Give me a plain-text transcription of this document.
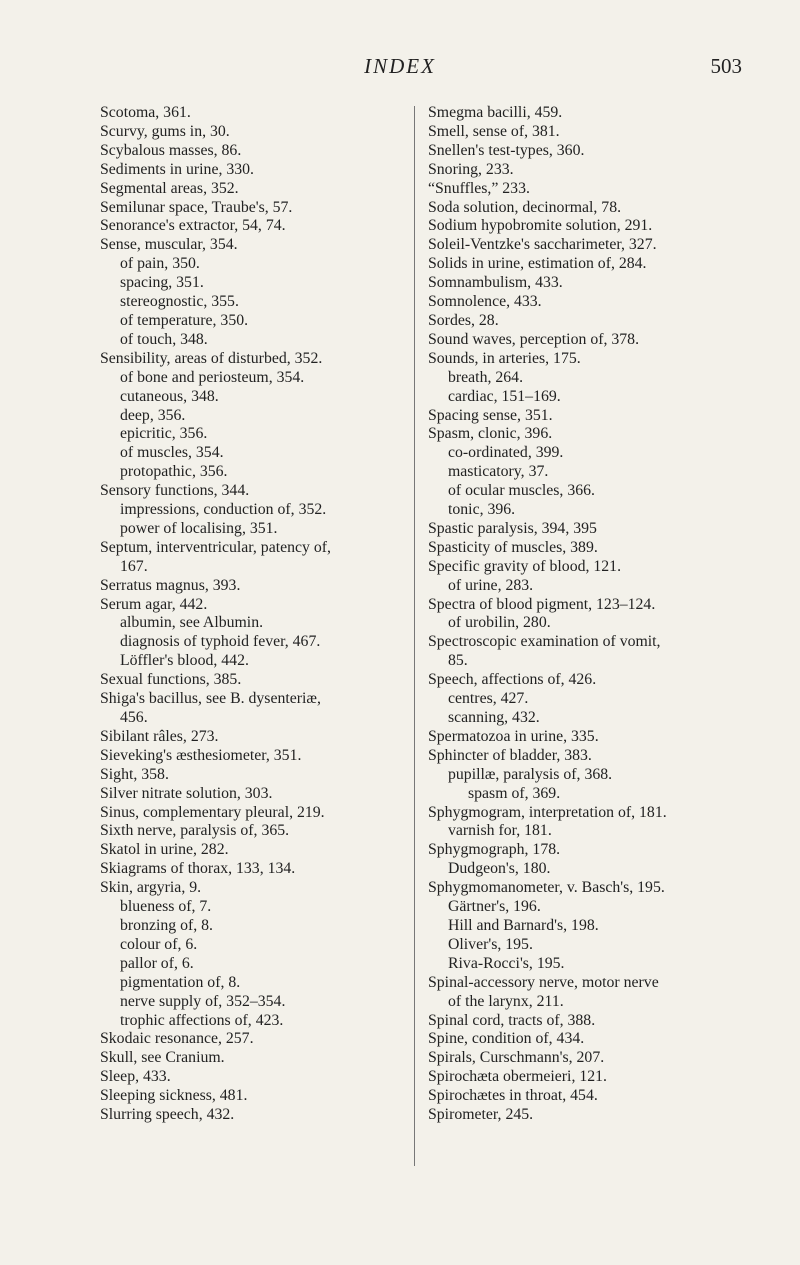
INDEX	503
Scotoma, 361.
Scurvy, gums in, 30.
Scybalous masses, 86.
Sediments in urine, 330.
Segmental areas, 352.
Semilunar space, Traube's, 57.
Senorance's extractor, 54, 74.
Sense, muscular, 354.
of pain, 350.
spacing, 351.
stereognostic, 355.
of temperature, 350.
of touch, 348.
Sensibility, areas of disturbed, 352.
of bone and periosteum, 354.
cutaneous, 348.
deep, 356.
epicritic, 356.
of muscles, 354.
protopathic, 356.
Sensory functions, 344.
impressions, conduction of, 352.
power of localising, 351.
Septum, interventricular, patency of,
167.
Serratus magnus, 393.
Serum agar, 442.
albumin, see Albumin.
diagnosis of typhoid fever, 467.
Löffler's blood, 442.
Sexual functions, 385.
Shiga's bacillus, see B. dysenteriæ,
456.
Sibilant râles, 273.
Sieveking's æsthesiometer, 351.
Sight, 358.
Silver nitrate solution, 303.
Sinus, complementary pleural, 219.
Sixth nerve, paralysis of, 365.
Skatol in urine, 282.
Skiagrams of thorax, 133, 134.
Skin, argyria, 9.
blueness of, 7.
bronzing of, 8.
colour of, 6.
pallor of, 6.
pigmentation of, 8.
nerve supply of, 352–354.
trophic affections of, 423.
Skodaic resonance, 257.
Skull, see Cranium.
Sleep, 433.
Sleeping sickness, 481.
Slurring speech, 432.
Smegma bacilli, 459.
Smell, sense of, 381.
Snellen's test-types, 360.
Snoring, 233.
“Snuffles,” 233.
Soda solution, decinormal, 78.
Sodium hypobromite solution, 291.
Soleil-Ventzke's saccharimeter, 327.
Solids in urine, estimation of, 284.
Somnambulism, 433.
Somnolence, 433.
Sordes, 28.
Sound waves, perception of, 378.
Sounds, in arteries, 175.
breath, 264.
cardiac, 151–169.
Spacing sense, 351.
Spasm, clonic, 396.
co-ordinated, 399.
masticatory, 37.
of ocular muscles, 366.
tonic, 396.
Spastic paralysis, 394, 395
Spasticity of muscles, 389.
Specific gravity of blood, 121.
of urine, 283.
Spectra of blood pigment, 123–124.
of urobilin, 280.
Spectroscopic examination of vomit,
85.
Speech, affections of, 426.
centres, 427.
scanning, 432.
Spermatozoa in urine, 335.
Sphincter of bladder, 383.
pupillæ, paralysis of, 368.
spasm of, 369.
Sphygmogram, interpretation of, 181.
varnish for, 181.
Sphygmograph, 178.
Dudgeon's, 180.
Sphygmomanometer, v. Basch's, 195.
Gärtner's, 196.
Hill and Barnard's, 198.
Oliver's, 195.
Riva-Rocci's, 195.
Spinal-accessory nerve, motor nerve
of the larynx, 211.
Spinal cord, tracts of, 388.
Spine, condition of, 434.
Spirals, Curschmann's, 207.
Spirochæta obermeieri, 121.
Spirochætes in throat, 454.
Spirometer, 245.
